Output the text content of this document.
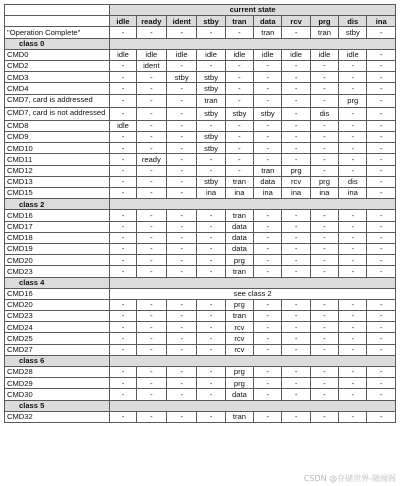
	current state									
	idle	ready	ident	stby	tran	data	rcv	prg	dis	ina
"Operation Complete"	-	-	-	-	-	tran	-	tran	stby	-
class 0										
CMD0	idle	idle	idle	idle	idle	idle	idle	idle	idle	-
CMD2	-	ident	-	-	-	-	-	-	-	-
CMD3	-	-	stby	stby	-	-	-	-	-	-
CMD4	-	-	-	stby	-	-	-	-	-	-
CMD7, card is addressed	-	-	-	tran	-	-	-	-	prg	-
CMD7, card is not addressed	-	-	-	stby	stby	stby	-	dis	-	-
CMD8	idle	-	-	-	-	-	-	-	-	-
CMD9	-	-	-	stby	-	-	-	-	-	-
CMD10	-	-	-	stby	-	-	-	-	-	-
CMD11	-	ready	-	-	-	-	-	-	-	-
CMD12	-	-	-	-	-	tran	prg	-	-	-
CMD13	-	-	-	stby	tran	data	rcv	prg	dis	-
CMD15	-	-	-	ina	ina	ina	ina	ina	ina	-
class 2										
CMD16	-	-	-	-	tran	-	-	-	-	-
CMD17	-	-	-	-	data	-	-	-	-	-
CMD18	-	-	-	-	data	-	-	-	-	-
CMD19	-	-	-	-	data	-	-	-	-	-
CMD20	-	-	-	-	prg	-	-	-	-	-
CMD23	-	-	-	-	tran	-	-	-	-	-
class 4										
CMD16	see class 2									
CMD20	-	-	-	-	prg	-	-	-	-	-
CMD23	-	-	-	-	tran	-	-	-	-	-
CMD24	-	-	-	-	rcv	-	-	-	-	-
CMD25	-	-	-	-	rcv	-	-	-	-	-
CMD27	-	-	-	-	rcv	-	-	-	-	-
class 6										
CMD28	-	-	-	-	prg	-	-	-	-	-
CMD29	-	-	-	-	prg	-	-	-	-	-
CMD30	-	-	-	-	data	-	-	-	-	-
class 5										
CMD32	-	-	-	-	tran	-	-	-	-	-
CSDN @存储世界-随闻阁
